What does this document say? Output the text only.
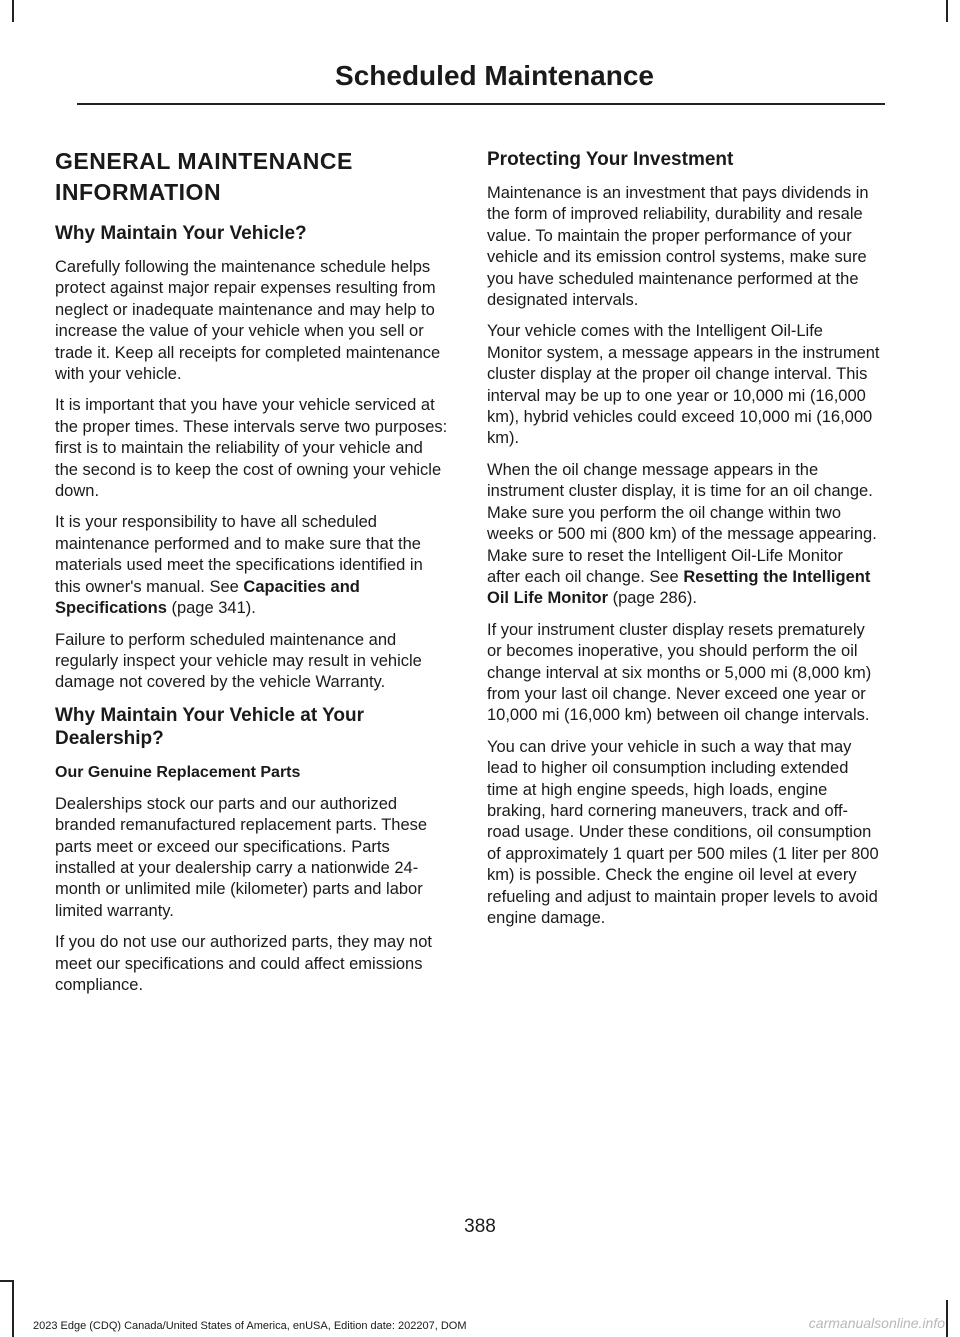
Scheduled Maintenance
GENERAL MAINTENANCE
INFORMATION
Why Maintain Your Vehicle?

Carefully following the maintenance schedule helps protect against major repair expenses resulting from neglect or inadequate maintenance and may help to increase the value of your vehicle when you sell or trade it. Keep all receipts for completed maintenance with your vehicle.

It is important that you have your vehicle serviced at the proper times. These intervals serve two purposes: first is to maintain the reliability of your vehicle and the second is to keep the cost of owning your vehicle down.

It is your responsibility to have all scheduled maintenance performed and to make sure that the materials used meet the specifications identified in this owner's manual. See Capacities and Specifications (page 341).

Failure to perform scheduled maintenance and regularly inspect your vehicle may result in vehicle damage not covered by the vehicle Warranty.

Why Maintain Your Vehicle at Your Dealership?
Our Genuine Replacement Parts

Dealerships stock our parts and our authorized branded remanufactured replacement parts. These parts meet or exceed our specifications. Parts installed at your dealership carry a nationwide 24-month or unlimited mile (kilometer) parts and labor limited warranty.

If you do not use our authorized parts, they may not meet our specifications and could affect emissions compliance.

Protecting Your Investment

Maintenance is an investment that pays dividends in the form of improved reliability, durability and resale value. To maintain the proper performance of your vehicle and its emission control systems, make sure you have scheduled maintenance performed at the designated intervals.

Your vehicle comes with the Intelligent Oil-Life Monitor system, a message appears in the instrument cluster display at the proper oil change interval. This interval may be up to one year or 10,000 mi (16,000 km), hybrid vehicles could exceed 10,000 mi (16,000 km).

When the oil change message appears in the instrument cluster display, it is time for an oil change. Make sure you perform the oil change within two weeks or 500 mi (800 km) of the message appearing. Make sure to reset the Intelligent Oil-Life Monitor after each oil change. See Resetting the Intelligent Oil Life Monitor (page 286).

If your instrument cluster display resets prematurely or becomes inoperative, you should perform the oil change interval at six months or 5,000 mi (8,000 km) from your last oil change. Never exceed one year or 10,000 mi (16,000 km) between oil change intervals.

You can drive your vehicle in such a way that may lead to higher oil consumption including extended time at high engine speeds, high loads, engine braking, hard cornering maneuvers, track and off-road usage. Under these conditions, oil consumption of approximately 1 quart per 500 miles (1 liter per 800 km) is possible. Check the engine oil level at every refueling and adjust to maintain proper levels to avoid engine damage.

388

2023 Edge (CDQ) Canada/United States of America, enUSA, Edition date: 202207, DOM	carmanualsonline.info
